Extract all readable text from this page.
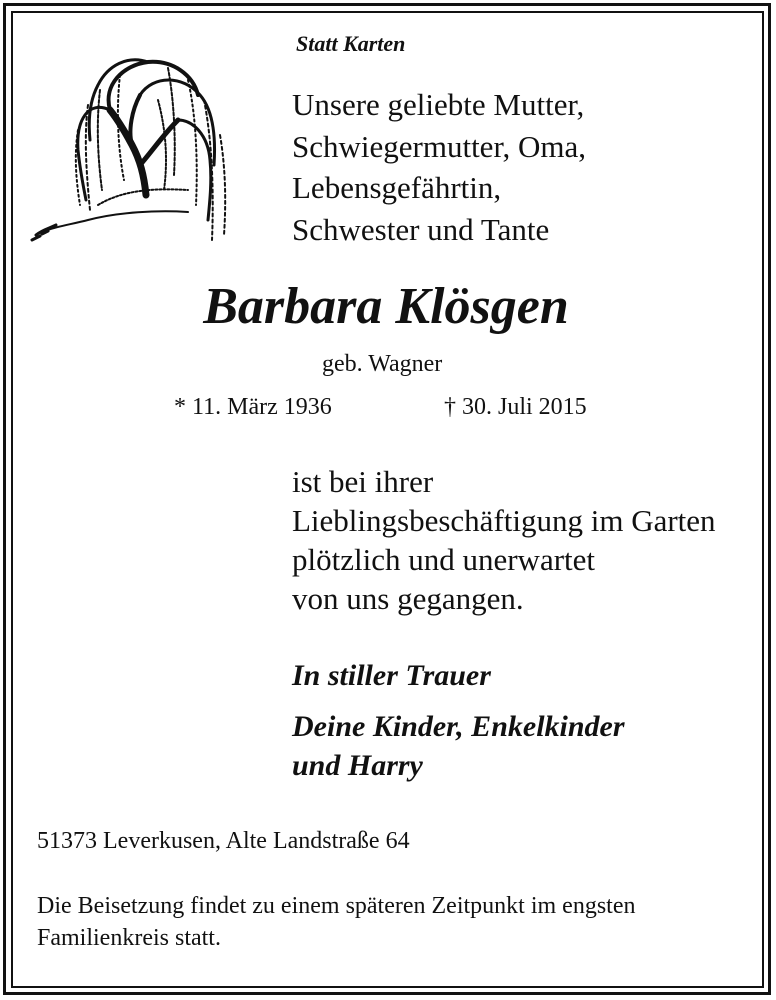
Statt Karten
Unsere geliebte Mutter,
Schwiegermutter, Oma,
Lebensgefährtin,
Schwester und Tante
Barbara Klösgen
geb. Wagner
* 11. März 1936	† 30. Juli 2015
ist bei ihrer
Lieblingsbeschäftigung im Garten
plötzlich und unerwartet
von uns gegangen.
In stiller Trauer
Deine Kinder, Enkelkinder
und Harry
51373 Leverkusen, Alte Landstraße 64
Die Beisetzung findet zu einem späteren Zeitpunkt im engsten
Familienkreis statt.
